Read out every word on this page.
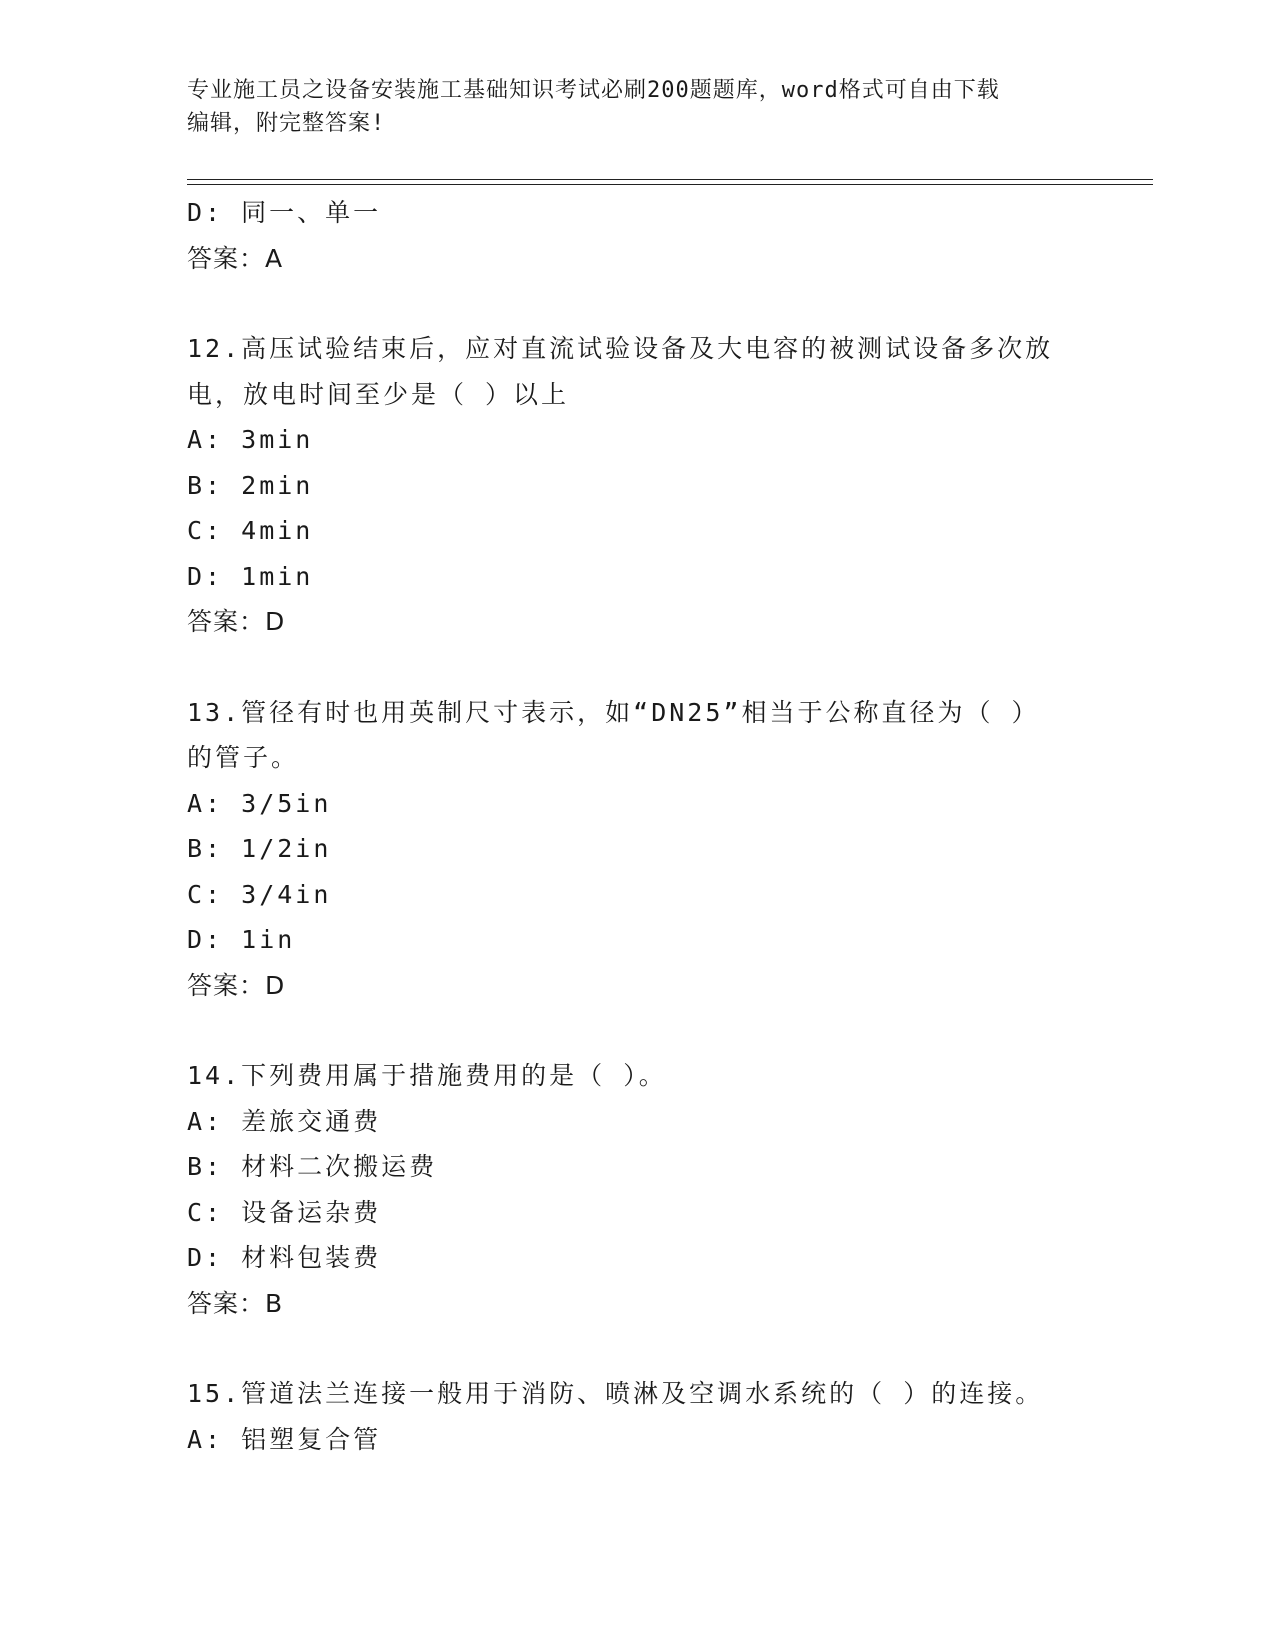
专业施工员之设备安装施工基础知识考试必刷200题题库，word格式可自由下载
编辑，附完整答案!
D: 同一、单一
答案：A
12.高压试验结束后，应对直流试验设备及大电容的被测试设备多次放
电，放电时间至少是（ ）以上
A: 3min
B: 2min
C: 4min
D: 1min
答案：D
13.管径有时也用英制尺寸表示，如“DN25”相当于公称直径为（ ）
的管子。
A: 3/5in
B: 1/2in
C: 3/4in
D: 1in
答案：D
14.下列费用属于措施费用的是（ ）。
A: 差旅交通费
B: 材料二次搬运费
C: 设备运杂费
D: 材料包装费
答案：B
15.管道法兰连接一般用于消防、喷淋及空调水系统的（ ）的连接。
A: 铝塑复合管
